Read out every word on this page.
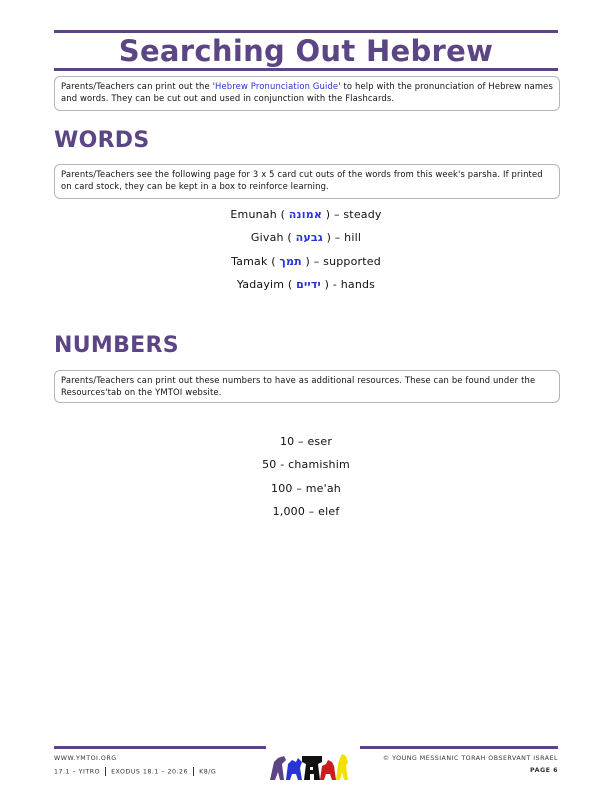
Searching Out Hebrew
Parents/Teachers can print out the 'Hebrew Pronunciation Guide' to help with the pronunciation of Hebrew names and words. They can be cut out and used in conjunction with the Flashcards.
WORDS
Parents/Teachers see the following page for 3 x 5 card cut outs of the words from this week's parsha. If printed on card stock, they can be kept in a box to reinforce learning.
Emunah ( אמונה ) – steady
Givah ( גבעה ) – hill
Tamak ( תמך ) – supported
Yadayim ( ידיים ) - hands
NUMBERS
Parents/Teachers can print out these numbers to have as additional resources. These can be found under the Resources'tab on the YMTOI website.
10 – eser
50 - chamishim
100 – me'ah
1,000 – elef
WWW.YMTOI.ORG
17.1 – YITRO EXODUS 18.1 – 20.26 K8/G
© YOUNG MESSIANIC TORAH OBSERVANT ISRAEL
PAGE 6
